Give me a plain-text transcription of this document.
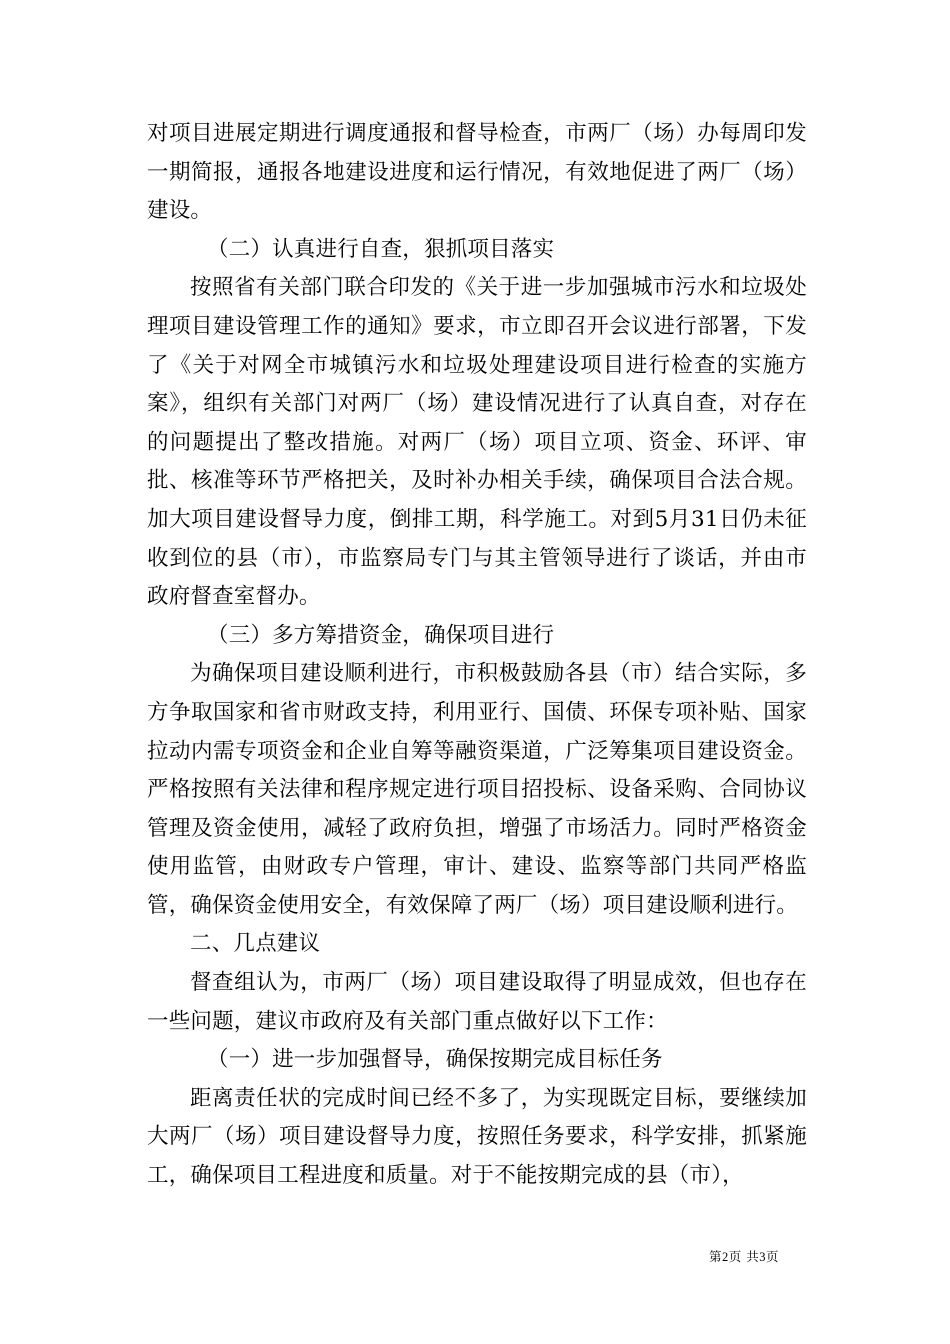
对项目进展定期进行调度通报和督导检查，市两厂（场）办每周印发一期简报，通报各地建设进度和运行情况，有效地促进了两厂（场）建设。

（二）认真进行自查，狠抓项目落实

按照省有关部门联合印发的《关于进一步加强城市污水和垃圾处理项目建设管理工作的通知》要求，市立即召开会议进行部署，下发了《关于对网全市城镇污水和垃圾处理建设项目进行检查的实施方案》，组织有关部门对两厂（场）建设情况进行了认真自查，对存在的问题提出了整改措施。对两厂（场）项目立项、资金、环评、审批、核准等环节严格把关，及时补办相关手续，确保项目合法合规。加大项目建设督导力度，倒排工期，科学施工。对到5月31日仍未征收到位的县（市），市监察局专门与其主管领导进行了谈话，并由市政府督查室督办。

（三）多方筹措资金，确保项目进行

为确保项目建设顺利进行，市积极鼓励各县（市）结合实际，多方争取国家和省市财政支持，利用亚行、国债、环保专项补贴、国家拉动内需专项资金和企业自筹等融资渠道，广泛筹集项目建设资金。严格按照有关法律和程序规定进行项目招投标、设备采购、合同协议管理及资金使用，减轻了政府负担，增强了市场活力。同时严格资金使用监管，由财政专户管理，审计、建设、监察等部门共同严格监管，确保资金使用安全，有效保障了两厂（场）项目建设顺利进行。

二、几点建议

督查组认为，市两厂（场）项目建设取得了明显成效，但也存在一些问题，建议市政府及有关部门重点做好以下工作：

（一）进一步加强督导，确保按期完成目标任务

距离责任状的完成时间已经不多了，为实现既定目标，要继续加大两厂（场）项目建设督导力度，按照任务要求，科学安排，抓紧施工，确保项目工程进度和质量。对于不能按期完成的县（市），

第2页 共3页
